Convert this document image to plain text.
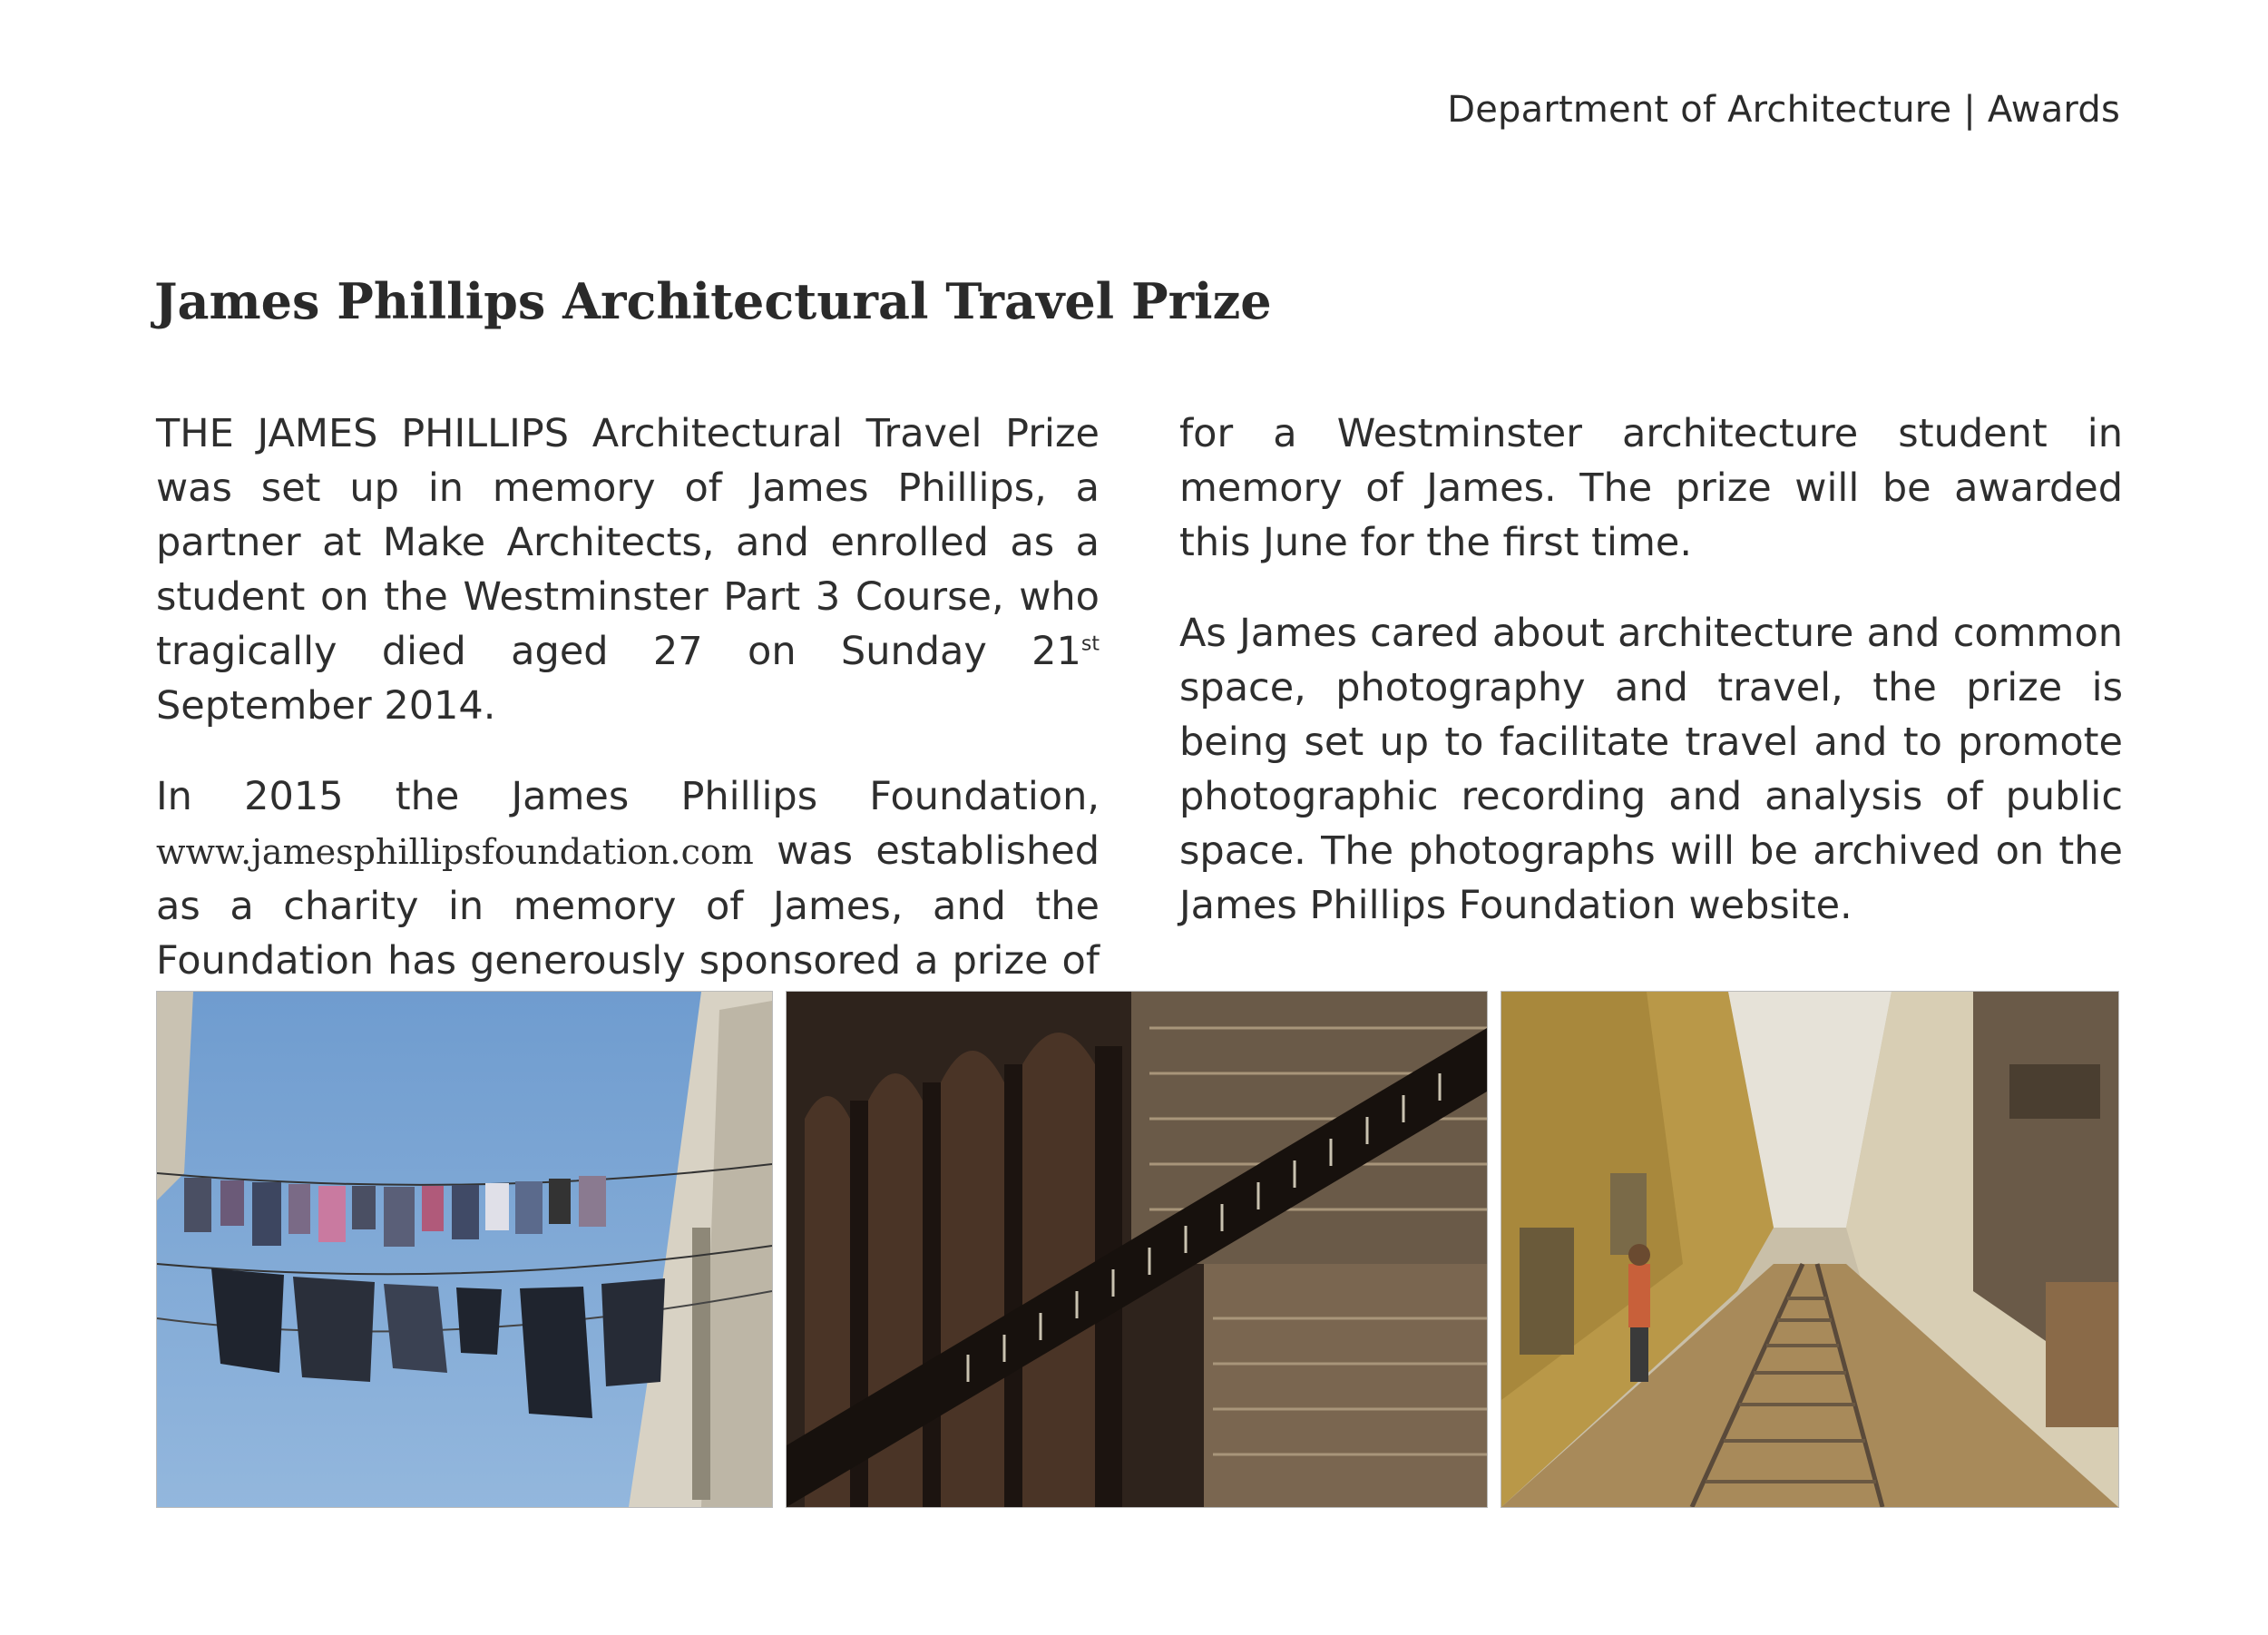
Department of Architecture | Awards
James Phillips Architectural Travel Prize

THE JAMES PHILLIPS Architectural Travel Prize was set up in memory of James Phillips, a partner at Make Architects, and enrolled as a student on the Westminster Part 3 Course, who tragically died aged 27 on Sunday 21st September 2014.

In 2015 the James Phillips Foundation, www.jamesphillipsfoundation.com was established as a charity in memory of James, and the Foundation has generously sponsored a prize of

for a Westminster architecture student in memory of James. The prize will be awarded this June for the first time.

As James cared about architecture and common space, photography and travel, the prize is being set up to facilitate travel and to promote photographic recording and analysis of public space. The photographs will be archived on the James Phillips Foundation website.
